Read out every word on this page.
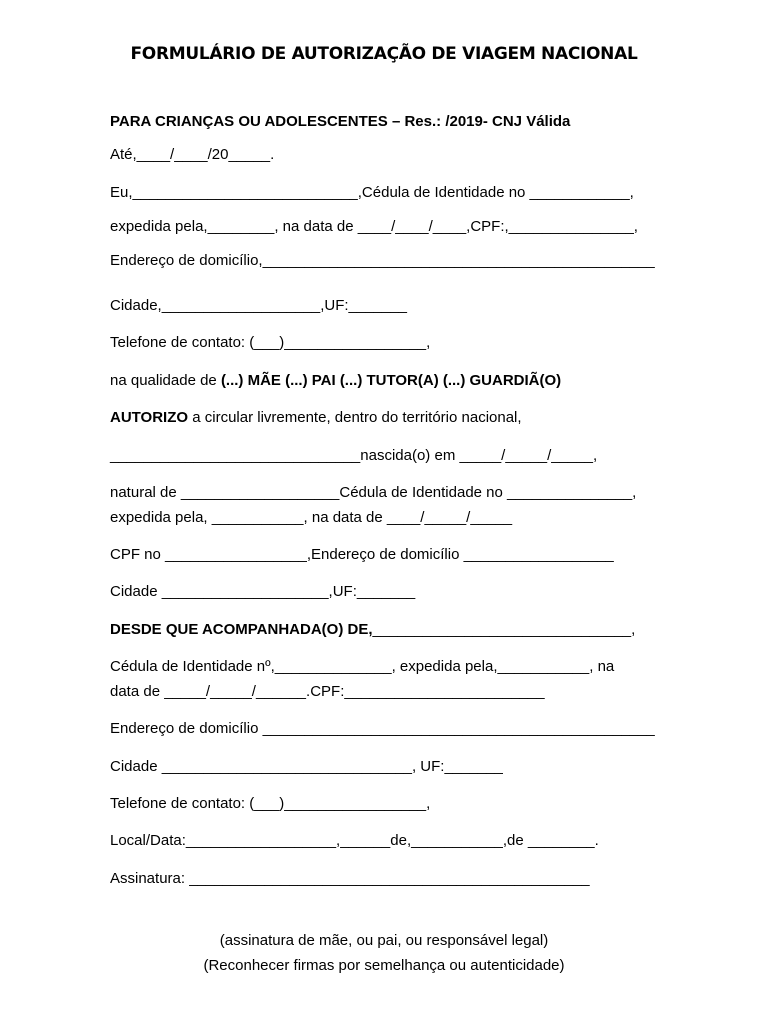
FORMULÁRIO DE AUTORIZAÇÃO DE VIAGEM NACIONAL
PARA CRIANÇAS OU ADOLESCENTES – Res.: /2019- CNJ Válida
Até,____/____/20_____.
Eu,___________________________,Cédula de Identidade no ____________,
expedida pela,________, na data de ____/____/____,CPF:,_______________,
Endereço de domicílio,_______________________________________________
Cidade,___________________,UF:_______
Telefone de contato: (___)_________________,
na qualidade de (...) MÃE (...) PAI (...) TUTOR(A) (...) GUARDIÃ(O)
AUTORIZO a circular livremente, dentro do território nacional,
______________________________nascida(o) em _____/_____/_____,
natural de ___________________Cédula de Identidade no _______________,
expedida pela, ___________, na data de ____/_____/_____
CPF no _________________,Endereço de domicílio __________________
Cidade ____________________,UF:_______
DESDE QUE ACOMPANHADA(O) DE,_______________________________,
Cédula de Identidade nº,______________, expedida pela,___________, na
data de _____/_____/______.CPF:________________________
Endereço de domicílio _______________________________________________
Cidade ______________________________, UF:_______
Telefone de contato: (___)_________________,
Local/Data:__________________,______de,___________,de ________.
Assinatura: ________________________________________________
(assinatura de mãe, ou pai, ou responsável legal)
(Reconhecer firmas por semelhança ou autenticidade)
